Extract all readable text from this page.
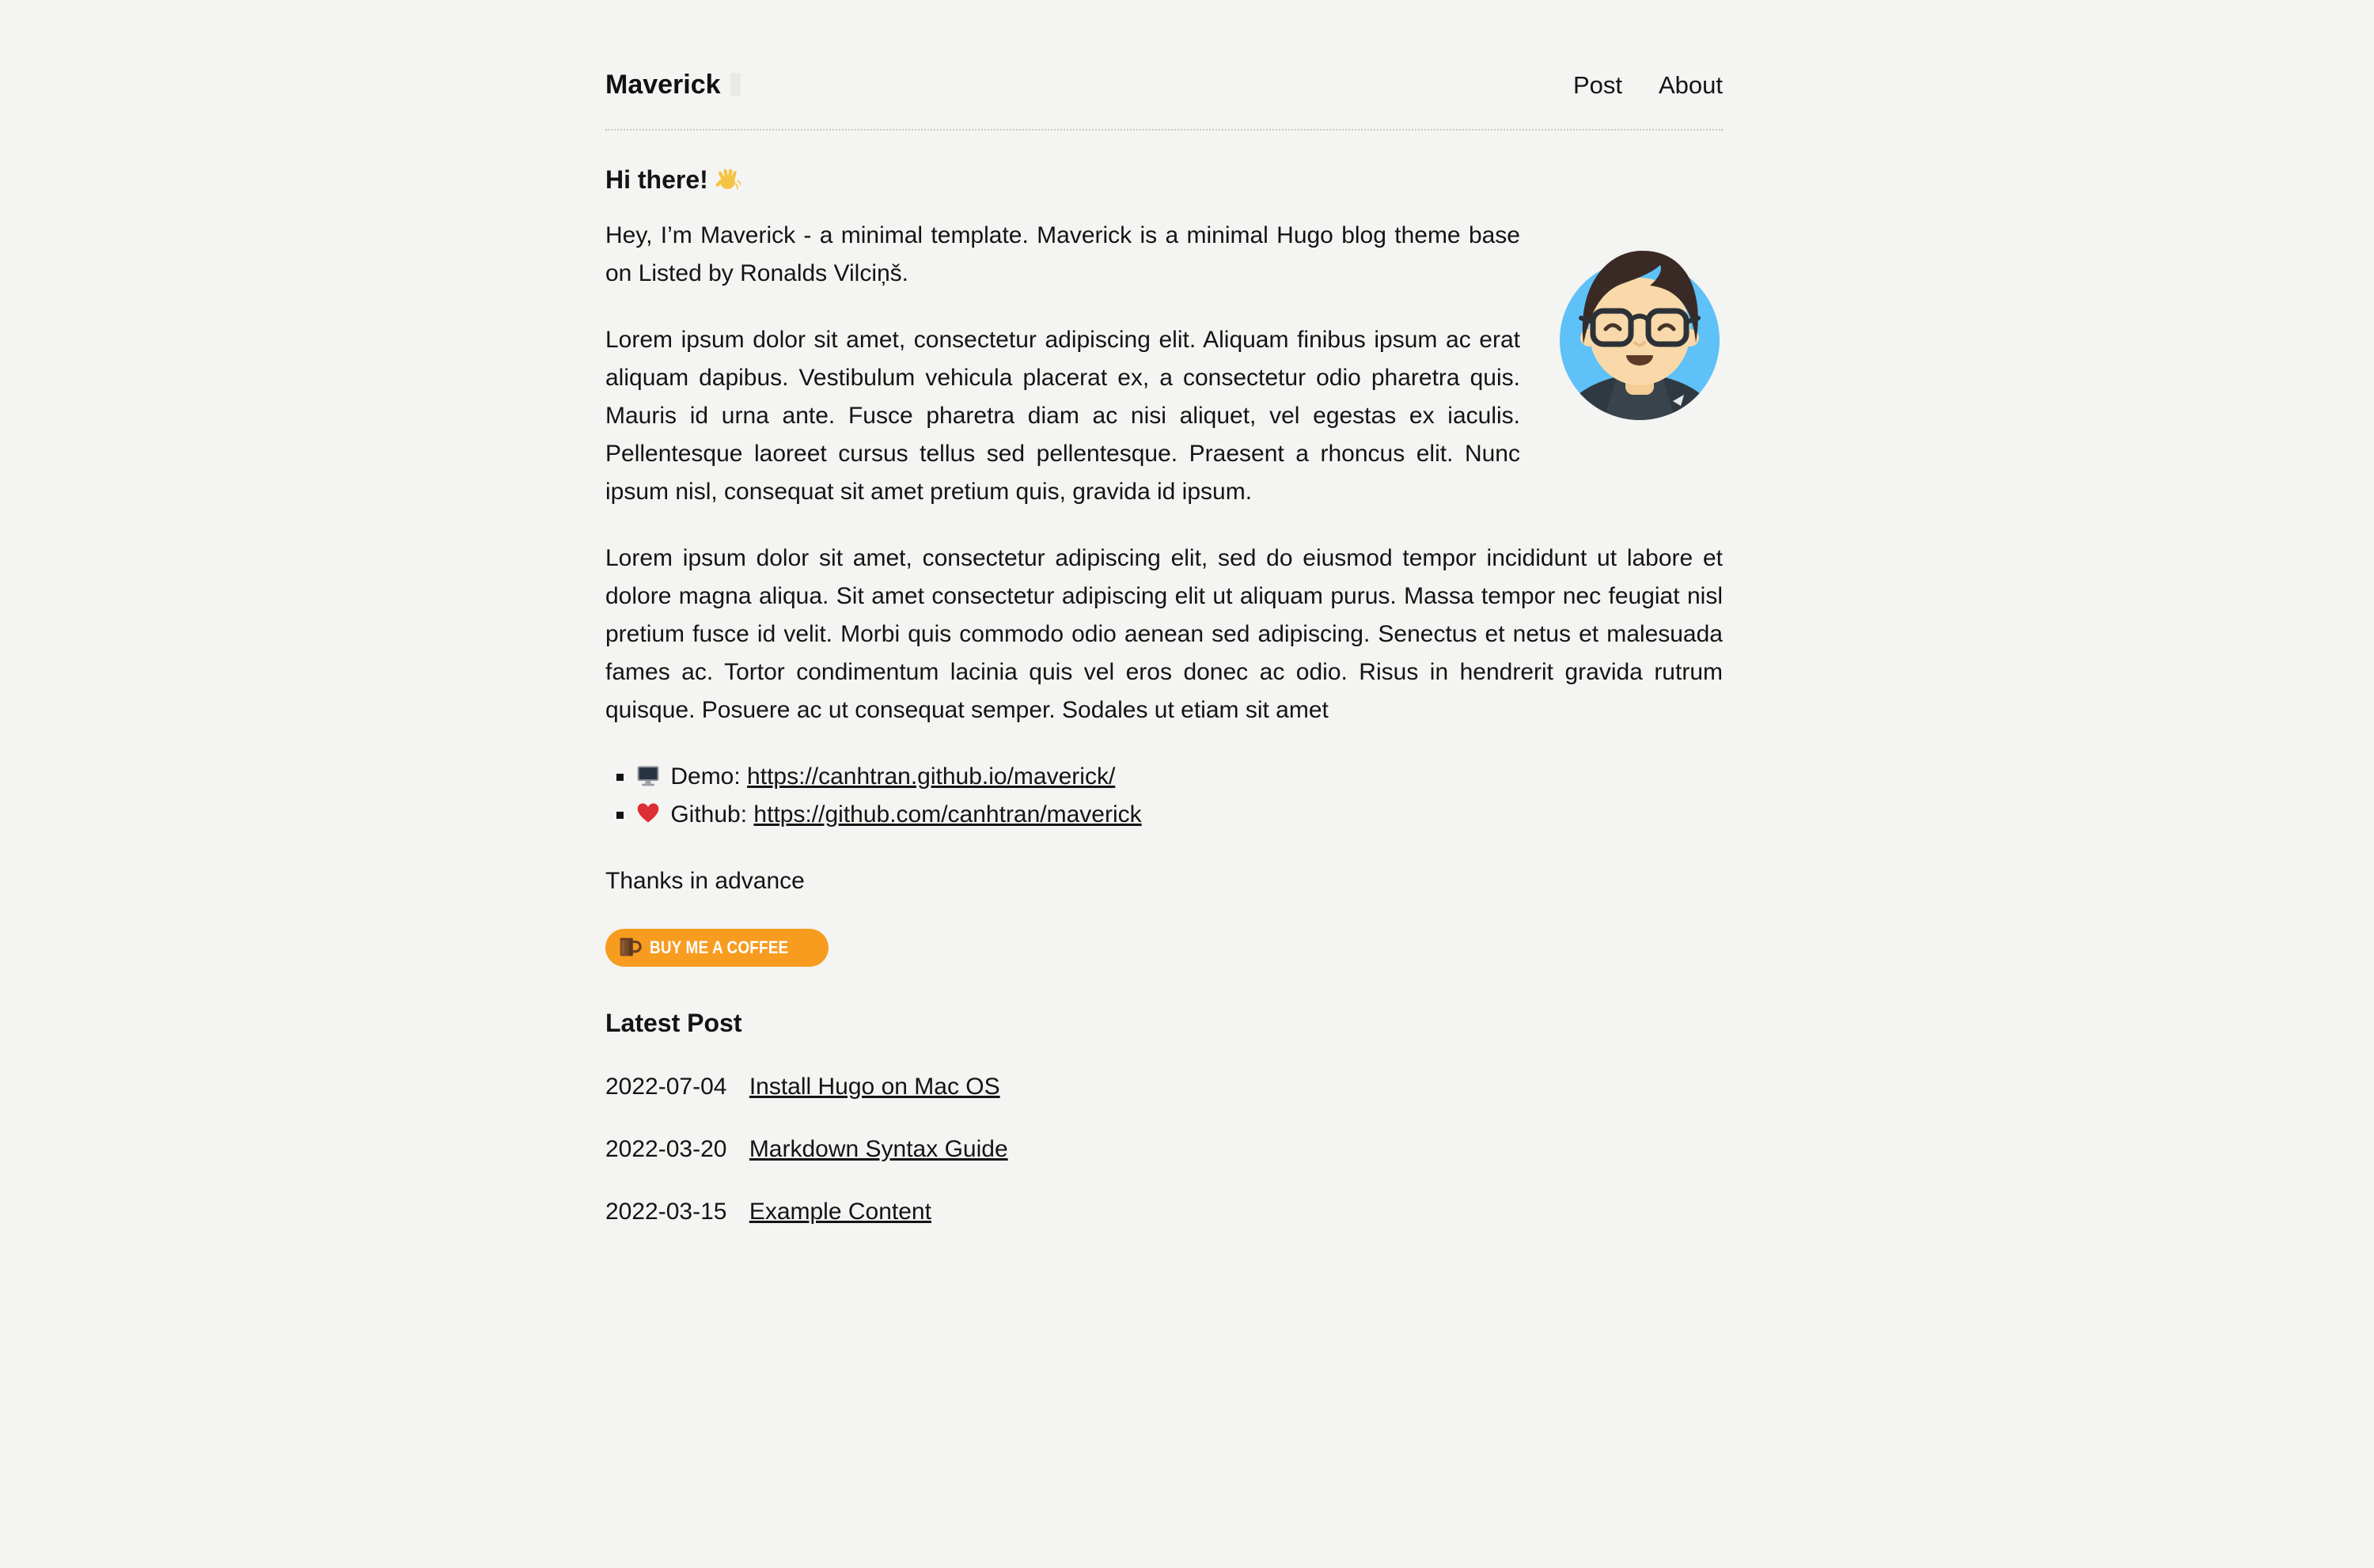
Maverick	Post About
Hi there!

Hey, I’m Maverick - a minimal template. Maverick is a minimal Hugo blog theme base on Listed by Ronalds Vilciņš.

Lorem ipsum dolor sit amet, consectetur adipiscing elit. Aliquam finibus ipsum ac erat aliquam dapibus. Vestibulum vehicula placerat ex, a consectetur odio pharetra quis. Mauris id urna ante. Fusce pharetra diam ac nisi aliquet, vel egestas ex iaculis. Pellentesque laoreet cursus tellus sed pellentesque. Praesent a rhoncus elit. Nunc ipsum nisl, consequat sit amet pretium quis, gravida id ipsum.

Lorem ipsum dolor sit amet, consectetur adipiscing elit, sed do eiusmod tempor incididunt ut labore et dolore magna aliqua. Sit amet consectetur adipiscing elit ut aliquam purus. Massa tempor nec feugiat nisl pretium fusce id velit. Morbi quis commodo odio aenean sed adipiscing. Senectus et netus et malesuada fames ac. Tortor condimentum lacinia quis vel eros donec ac odio. Risus in hendrerit gravida rutrum quisque. Posuere ac ut consequat semper. Sodales ut etiam sit amet

▪ Demo: https://canhtran.github.io/maverick/
▪ Github: https://github.com/canhtran/maverick

Thanks in advance

BUY ME A COFFEE
Latest Post
2022-07-04 Install Hugo on Mac OS
2022-03-20 Markdown Syntax Guide
2022-03-15 Example Content
